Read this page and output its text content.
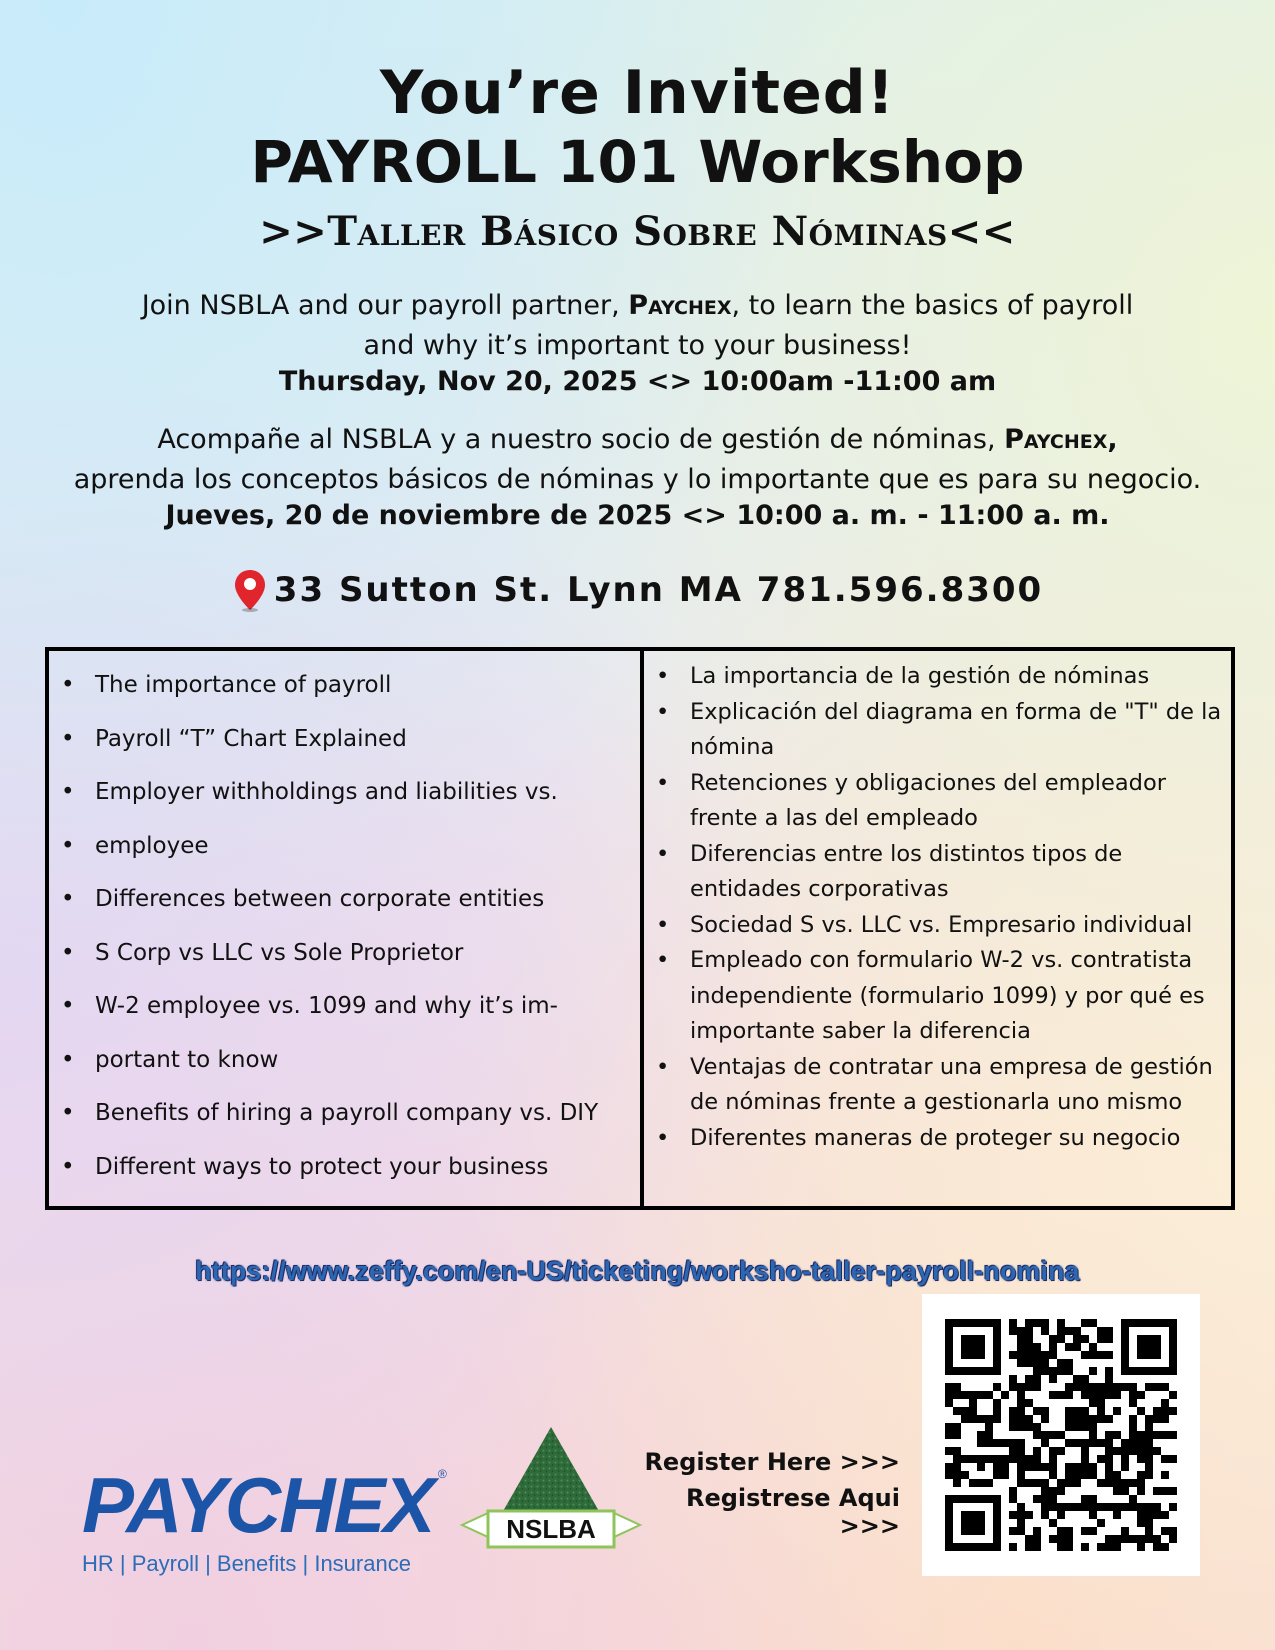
You’re Invited!
PAYROLL 101 Workshop
>>Taller Básico Sobre Nóminas<<
Join NSBLA and our payroll partner, Paychex, to learn the basics of payroll
and why it’s important to your business!
Thursday, Nov 20, 2025 <> 10:00am -11:00 am
Acompañe al NSBLA y a nuestro socio de gestión de nóminas, Paychex,
aprenda los conceptos básicos de nóminas y lo importante que es para su negocio.
Jueves, 20 de noviembre de 2025 <> 10:00 a. m. - 11:00 a. m.
33 Sutton St. Lynn MA 781.596.8300
• The importance of payroll
• Payroll “T” Chart Explained
• Employer withholdings and liabilities vs.
• employee
• Differences between corporate entities
• S Corp vs LLC vs Sole Proprietor
• W-2 employee vs. 1099 and why it’s im-
• portant to know
• Benefits of hiring a payroll company vs. DIY
• Different ways to protect your business
• La importancia de la gestión de nóminas
• Explicación del diagrama en forma de "T" de la nómina
• Retenciones y obligaciones del empleador frente a las del empleado
• Diferencias entre los distintos tipos de entidades corporativas
• Sociedad S vs. LLC vs. Empresario individual
• Empleado con formulario W-2 vs. contratista independiente (formulario 1099) y por qué es importante saber la diferencia
• Ventajas de contratar una empresa de gestión de nóminas frente a gestionarla uno mismo
• Diferentes maneras de proteger su negocio
https://www.zeffy.com/en-US/ticketing/worksho-taller-payroll-nomina
PAYCHEX ®
HR | Payroll | Benefits | Insurance
NSLBA
Register Here >>>
Registrese Aqui >>>
